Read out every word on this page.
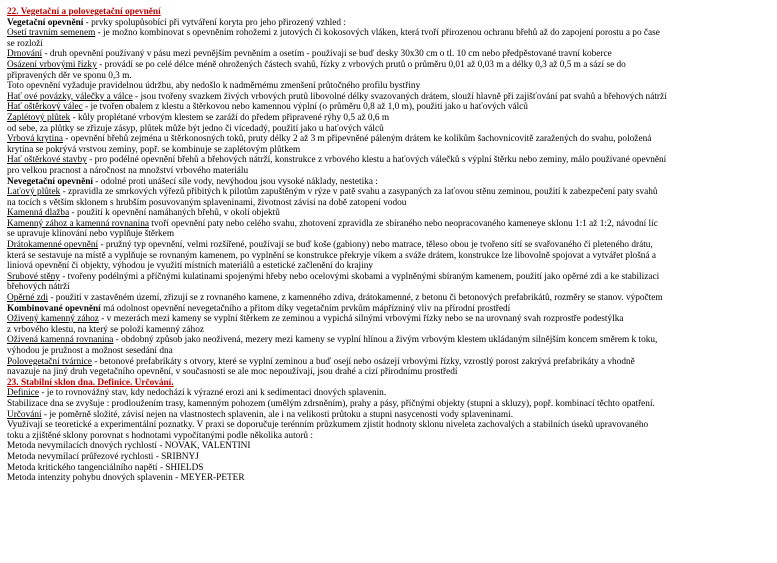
22. Vegetační a polovegetační opevnění
Vegetační opevnění - prvky spolupůsobící při vytváření koryta pro jeho přirozený vzhled :
Osetí travním semenem - je možno kombinovat s opevněním rohožemi z jutových či kokosových vláken, která tvoří přirozenou ochranu břehů až do zapojení porostu a po čase
se rozloží
Drnování - druh opevnění používaný v pásu mezi pevnějším pevněním a osetím - používají se buď desky 30x30 cm o tl. 10 cm nebo předpěstované travní koberce
Osázení vrbovými řízky - provádí se po celé délce méně ohrožených částech svahů, řízky z vrbových prutů o průměru 0,01 až 0,03 m a délky 0,3 až 0,5 m a sází se do
připravených děr ve sponu 0,3 m.
Toto opevnění vyžaduje pravidelnou údržbu, aby nedošlo k nadměrnému zmenšení průtočného profilu bystřiny
Hať ové povázky, válečky a válce - jsou tvořeny svazkem živých vrbových prutů libovolné délky svazovaných drátem, slouží hlavně při zajišťování pat svahů a břehových nátrží
Hať oštěrkový válec - je tvořen obalem z klestu a štěrkovou nebo kamennou výplní (o průměru 0,8 až 1,0 m), použití jako u haťových válců
Zaplétový plůtek - kůly proplétané vrbovým klestem se zaráží do předem připravené rýhy 0,5 až 0,6 m
od sebe, za plůtky se zřizuje zásyp, plůtek může být jedno či vícedadý, použití jako u haťových válců
Vrbová krytina - opevnění břehů zejména u štěrkonosných toků, pruty délky 2 až 3 m připevněné páleným drátem ke kolíkům šachovnicovitě zaražených do svahu, položená
krytina se pokrývá vrstvou zeminy, popř. se kombinuje se zaplétovým plůtkem
Hať oštěrkové stavby - pro podélné opevnění břehů a břehových nátrží, konstrukce z vrbového klestu a haťových válečků s výplní štěrku nebo zeminy, málo používané opevnění
pro velkou pracnost a náročnost na množství vrbového materiálu
Nevegetační opevnění - odolné proti unášecí síle vody, nevýhodou jsou vysoké náklady, nestetika :
Laťový plůtek - zpravidla ze smrkových výřezů přibitých k pilotům zapuštěným v rýze v patě svahu a zasypaných za laťovou stěnu zeminou, použití k zabezpečení paty svahů
na tocích s větším sklonem s hrubším posuvovaným splaveninami, životnost závisí na době zatopení vodou
Kamenná dlažba - použití k opevnění namáhaných břehů, v okolí objektů
Kamenný zához a kamenná rovnanina tvoří opevnění paty nebo celého svahu, zhotovení zpravidla ze sbíraného nebo neopracovaného kameneye sklonu 1:1 až 1:2, návodní líc
se upravuje klínování nebo vyplňuje štěrkem
Drátokamenné opevnění - pružný typ opevnění, velmi rozšířené, používají se buď koše (gabiony) nebo matrace, těleso obou je tvořeno sítí se svařovaného či pleteného drátu,
která se sestavuje na místě a vyplňuje se rovnaným kamenem, po vyplnění se konstrukce překryje víkem a sváže drátem, konstrukce lze libovolně spojovat a vytvářet plošná a
liniová opevnění či objekty, výhodou je využití místních materiálů a estetické začlenění do krajiny
Srubové stěny - tvořeny podélnými a příčnými kulatinami spojenými hřeby nebo ocelovými skobami a vyplněnými sbíraným kamenem, použití jako opěrné zdi a ke stabilizaci
břehových nátrží
Opěrné zdi - použití v zastavěném území, zřizují se z rovnaného kamene, z kamenného zdiva, drátokamenné, z betonu či betonových prefabrikátů, rozměry se stanov. výpočtem
Kombinované opevnění má odolnost opevnění nevegetačního a přitom díky vegetačním prvkům mápřízniný vliv na přírodní prostředí
Oživený kamenný zához - v mezerách mezi kameny se vyplní štěrkem ze zeminou a vypichá silnými vrbovými řízky nebo se na urovnaný svah rozprostře podestýlka
z vrbového klestu, na který se položí kamenný zához
Oživená kamenná rovnanina - obdobný způsob jako neoživená, mezery mezi kameny se vyplní hlínou a živým vrbovým klestem ukládaným silnějším koncem směrem k toku,
výhodou je pružnost a možnost sesedání dna
Polovegetační tvárnice - betonové prefabrikáty s otvory, které se vyplní zeminou a buď osejí nebo osázejí vrbovými řízky, vzrostlý porost zakrývá prefabrikáty a vhodně
navazuje na jiný druh vegetačního opevnění, v současnosti se ale moc nepoužívají, jsou drahé a cizí přírodnímu prostředí
23. Stabilní sklon dna. Definice. Určování.
Definice - je to rovnovážný stav, kdy nedochází k výrazné erozi ani k sedimentaci dnových splavenin.
Stabilizace dna se zvyšuje : prodloužením trasy, kamenným pohozem (umělým zdrsněním), prahy a pásy, příčnými objekty (stupni a skluzy), popř. kombinací těchto opatření.
Určování - je poměrně složité, závisí nejen na vlastnostech splavenin, ale i na velikosti průtoku a stupni nasycenosti vody splaveninami.
Využívají se teoretické a experimentální poznatky. V praxi se doporučuje terénním průzkumem zjistit hodnoty sklonu niveleta zachovalých a stabilních úseků upravovaného
toku a zjištěné sklony porovnat s hodnotami vypočítanými podle několika autorů :
Metoda nevymílacích dnových rychlostí - NOVAK, VALENTINI
Metoda nevymílací průřezové rychlosti - SRIBNYJ
Metoda kritického tangenciálního napětí - SHIELDS
Metoda intenzity pohybu dnových splavenin - MEYER-PETER
